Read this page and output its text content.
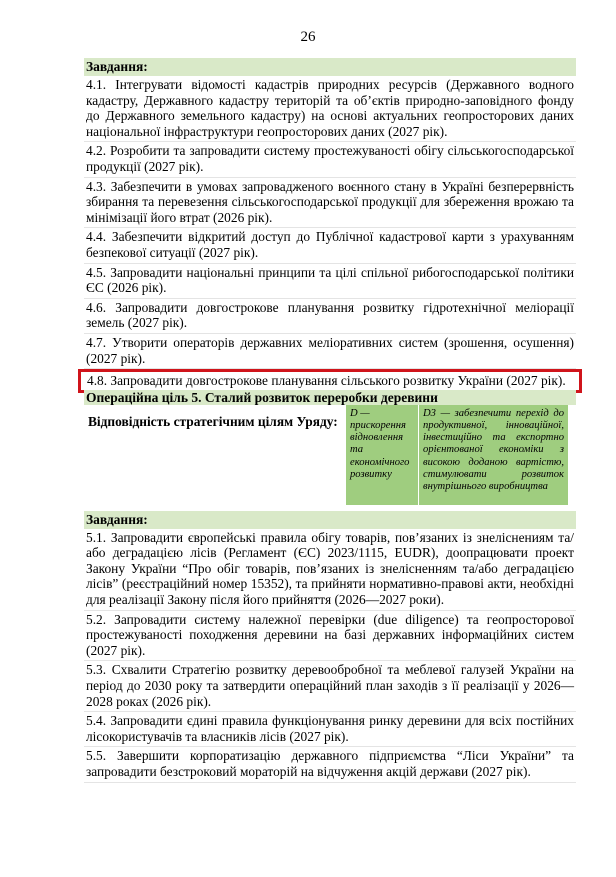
26
Завдання:
4.1. Інтегрувати відомості кадастрів природних ресурсів (Державного водного кадастру, Державного кадастру територій та об’єктів природно-заповідного фонду до Державного земельного кадастру) на основі актуальних геопросторових даних національної інфраструктури геопросторових даних (2027 рік).
4.2. Розробити та запровадити систему простежуваності обігу сільськогосподарської продукції (2027 рік).
4.3. Забезпечити в умовах запровадженого воєнного стану в Україні безперервність збирання та перевезення сільськогосподарської продукції для збереження врожаю та мінімізації його втрат (2026 рік).
4.4. Забезпечити відкритий доступ до Публічної кадастрової карти з урахуванням безпекової ситуації (2027 рік).
4.5. Запровадити національні принципи та цілі спільної рибогосподарської політики ЄС (2026 рік).
4.6. Запровадити довгострокове планування розвитку гідротехнічної меліорації земель (2027 рік).
4.7. Утворити операторів державних меліоративних систем (зрошення, осушення) (2027 рік).
4.8. Запровадити довгострокове планування сільського розвитку України (2027 рік).
Операційна ціль 5. Сталий розвиток переробки деревини
Відповідність стратегічним цілям Уряду:
D — прискорення відновлення та економічного розвитку
D3 — забезпечити перехід до продуктивної, інноваційної, інвестиційно та експортно орієнтованої економіки з високою доданою вартістю, стимулювати розвиток внутрішнього виробництва
Завдання:
5.1. Запровадити європейські правила обігу товарів, пов’язаних із знеліснениям та/або деградацією лісів (Регламент (ЄС) 2023/1115, EUDR), доопрацювати проект Закону України “Про обіг товарів, пов’язаних із знелісненням та/або деградацією лісів” (реєстраційний номер 15352), та прийняти нормативно-правові акти, необхідні для реалізації Закону після його прийняття (2026—2027 роки).
5.2. Запровадити систему належної перевірки (due diligence) та геопросторової простежуваності походження деревини на базі державних інформаційних систем (2027 рік).
5.3. Схвалити Стратегію розвитку деревообробної та меблевої галузей України на період до 2030 року та затвердити операційний план заходів з її реалізації у 2026—2028 роках (2026 рік).
5.4. Запровадити єдині правила функціонування ринку деревини для всіх постійних лісокористувачів та власників лісів (2027 рік).
5.5. Завершити корпоратизацію державного підприємства “Ліси України” та запровадити безстроковий мораторій на відчуження акцій держави (2027 рік).
